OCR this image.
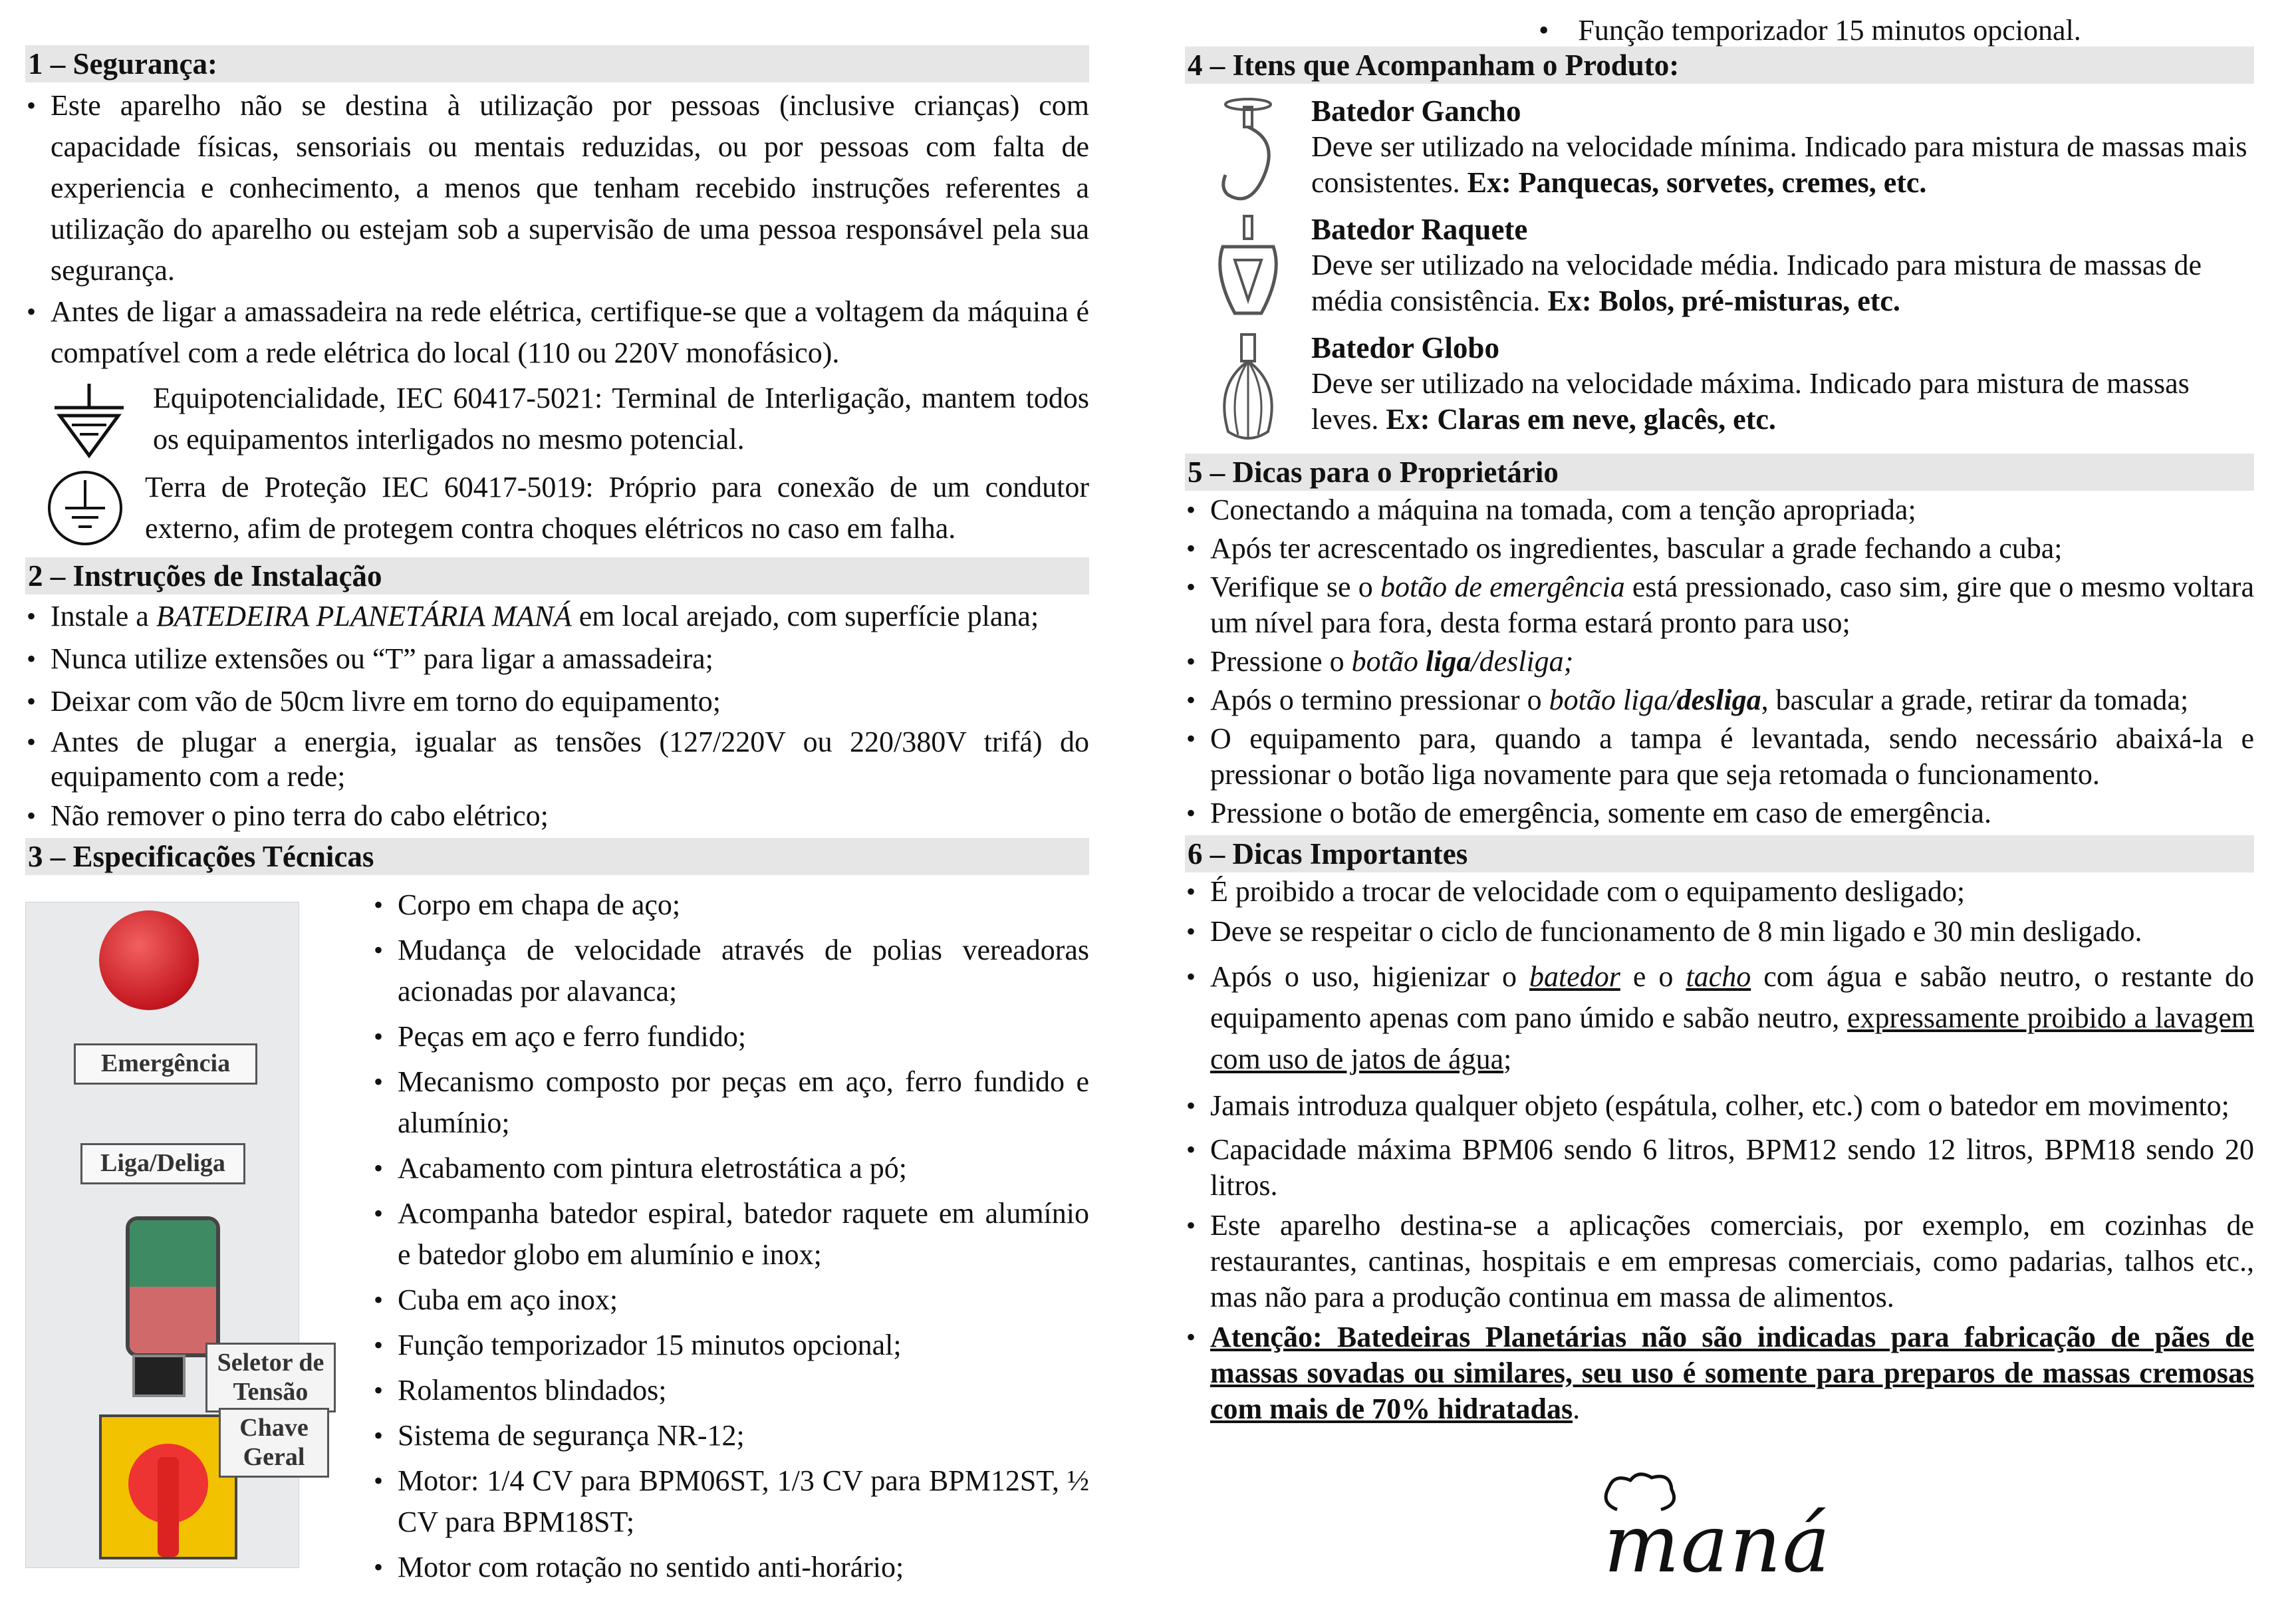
1 – Segurança:
• Este aparelho não se destina à utilização por pessoas (inclusive crianças) com capacidade físicas, sensoriais ou mentais reduzidas, ou por pessoas com falta de experiencia e conhecimento, a menos que tenham recebido instruções referentes a utilização do aparelho ou estejam sob a supervisão de uma pessoa responsável pela sua segurança.
• Antes de ligar a amassadeira na rede elétrica, certifique-se que a voltagem da máquina é compatível com a rede elétrica do local (110 ou 220V monofásico).
Equipotencialidade, IEC 60417-5021: Terminal de Interligação, mantem todos os equipamentos interligados no mesmo potencial.
Terra de Proteção IEC 60417-5019: Próprio para conexão de um condutor externo, afim de protegem contra choques elétricos no caso em falha.
2 – Instruções de Instalação
• Instale a BATEDEIRA PLANETÁRIA MANÁ em local arejado, com superfície plana;
• Nunca utilize extensões ou “T” para ligar a amassadeira;
• Deixar com vão de 50cm livre em torno do equipamento;
• Antes de plugar a energia, igualar as tensões (127/220V ou 220/380V trifá) do equipamento com a rede;
• Não remover o pino terra do cabo elétrico;
3 – Especificações Técnicas
Emergência
Liga/Deliga
Seletor de Tensão
Chave Geral
• Corpo em chapa de aço;
• Mudança de velocidade através de polias vereadoras acionadas por alavanca;
• Peças em aço e ferro fundido;
• Mecanismo composto por peças em aço, ferro fundido e alumínio;
• Acabamento com pintura eletrostática a pó;
• Acompanha batedor espiral, batedor raquete em alumínio e batedor globo em alumínio e inox;
• Cuba em aço inox;
• Função temporizador 15 minutos opcional;
• Rolamentos blindados;
• Sistema de segurança NR-12;
• Motor: 1/4 CV para BPM06ST, 1/3 CV para BPM12ST, ½ CV para BPM18ST;
• Motor com rotação no sentido anti-horário;
• Função temporizador 15 minutos opcional.
4 – Itens que Acompanham o Produto:
Batedor Gancho
Deve ser utilizado na velocidade mínima. Indicado para mistura de massas mais consistentes. Ex: Panquecas, sorvetes, cremes, etc.
Batedor Raquete
Deve ser utilizado na velocidade média. Indicado para mistura de massas de média consistência. Ex: Bolos, pré-misturas, etc.
Batedor Globo
Deve ser utilizado na velocidade máxima. Indicado para mistura de massas leves. Ex: Claras em neve, glacês, etc.
5 – Dicas para o Proprietário
• Conectando a máquina na tomada, com a tenção apropriada;
• Após ter acrescentado os ingredientes, bascular a grade fechando a cuba;
• Verifique se o botão de emergência está pressionado, caso sim, gire que o mesmo voltara um nível para fora, desta forma estará pronto para uso;
• Pressione o botão liga/desliga;
• Após o termino pressionar o botão liga/desliga, bascular a grade, retirar da tomada;
• O equipamento para, quando a tampa é levantada, sendo necessário abaixá-la e pressionar o botão liga novamente para que seja retomada o funcionamento.
• Pressione o botão de emergência, somente em caso de emergência.
6 – Dicas Importantes
• É proibido a trocar de velocidade com o equipamento desligado;
• Deve se respeitar o ciclo de funcionamento de 8 min ligado e 30 min desligado.
• Após o uso, higienizar o batedor e o tacho com água e sabão neutro, o restante do equipamento apenas com pano úmido e sabão neutro, expressamente proibido a lavagem com uso de jatos de água;
• Jamais introduza qualquer objeto (espátula, colher, etc.) com o batedor em movimento;
• Capacidade máxima BPM06 sendo 6 litros, BPM12 sendo 12 litros, BPM18 sendo 20 litros.
• Este aparelho destina-se a aplicações comerciais, por exemplo, em cozinhas de restaurantes, cantinas, hospitais e em empresas comerciais, como padarias, talhos etc., mas não para a produção continua em massa de alimentos.
• Atenção: Batedeiras Planetárias não são indicadas para fabricação de pães de massas sovadas ou similares, seu uso é somente para preparos de massas cremosas com mais de 70% hidratadas.
maná
